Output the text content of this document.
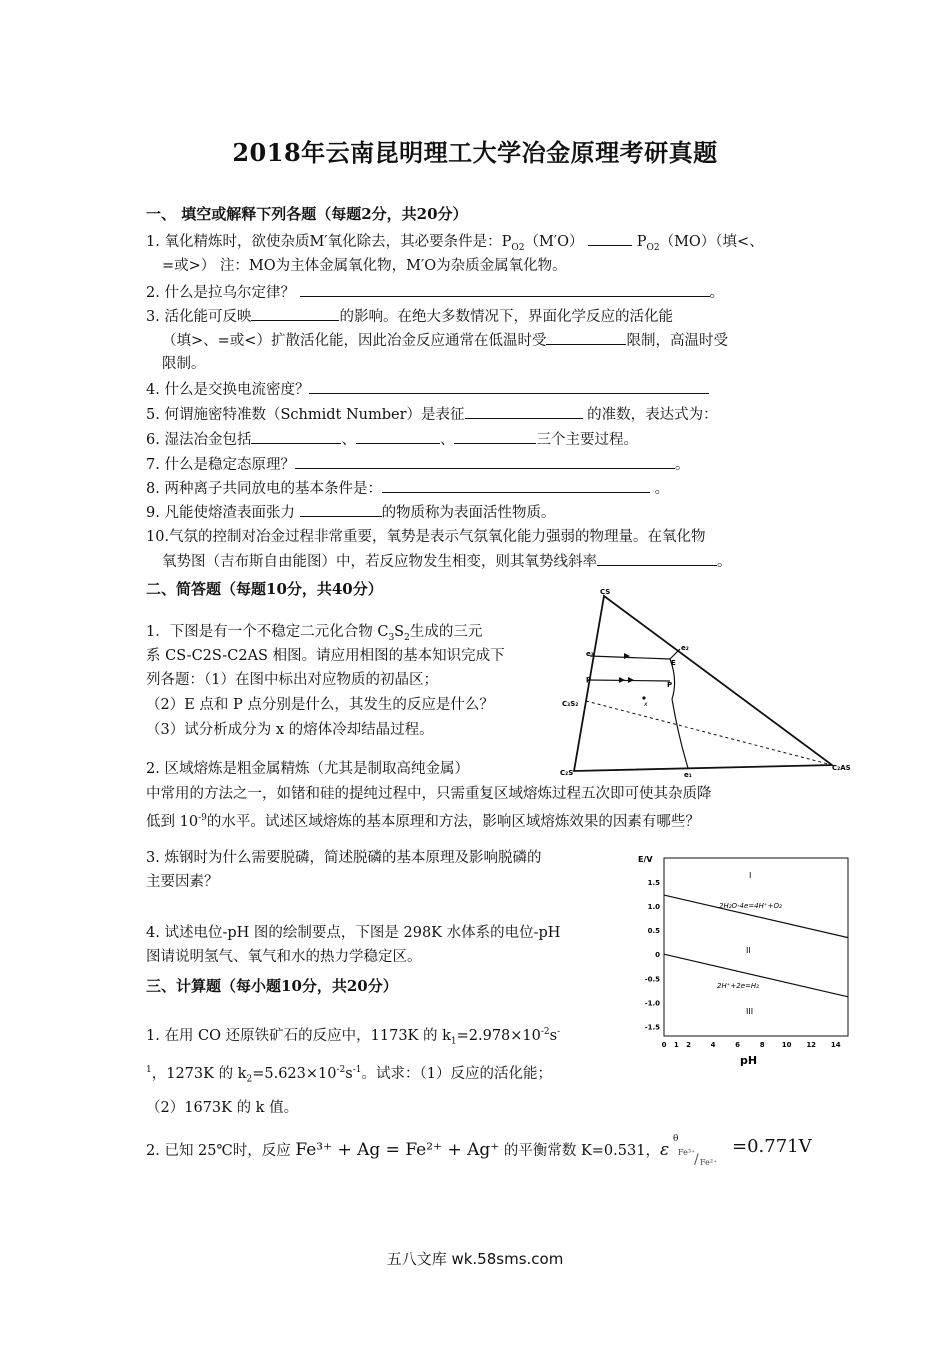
2018年云南昆明理工大学冶金原理考研真题
一、 填空或解释下列各题（每题2分，共20分）
1. 氧化精炼时，欲使杂质M′氧化除去，其必要条件是：$P_{O2}(M'O)$	$P_{O2}(MO)$（填<、
=或>） 注：MO为主体金属氧化物，M′O为杂质金属氧化物。
2. 什么是拉乌尔定律？	。
3. 活化能可反映	的影响。在绝大多数情况下，界面化学反应的活化能
（填>、=或<）扩散活化能，因此冶金反应通常在低温时受	限制，高温时受
限制。
4. 什么是交换电流密度？
5. 何谓施密特准数（Schmidt Number）是表征	的准数，表达式为：
6. 湿法冶金包括	、	、	三个主要过程。
7. 什么是稳定态原理？	。
8. 两种离子共同放电的基本条件是：	。
9. 凡能使熔渣表面张力	的物质称为表面活性物质。
10.气氛的控制对冶金过程非常重要，氧势是表示气氛氧化能力强弱的物理量。在氧化物
氧势图（吉布斯自由能图）中，若反应物发生相变，则其氧势线斜率	。
二、简答题（每题10分，共40分）
1．下图是有一个不稳定二元化合物 $C_3S_2$生成的三元
系 CS-C2S-C2AS 相图。请应用相图的基本知识完成下
列各题：（1）在图中标出对应物质的初晶区；
（2）E 点和 P 点分别是什么，其发生的反应是什么？
（3）试分析成分为 x 的熔体冷却结晶过程。
2. 区域熔炼是粗金属精炼（尤其是制取高纯金属）
中常用的方法之一，如锗和硅的提纯过程中，只需重复区域熔炼过程五次即可使其杂质降
低到 $10^{-9}$的水平。试述区域熔炼的基本原理和方法，影响区域熔炼效果的因素有哪些？
3. 炼钢时为什么需要脱磷，简述脱磷的基本原理及影响脱磷的
主要因素？
4. 试述电位-pH 图的绘制要点，下图是 298K 水体系的电位-pH
图请说明氢气、氧气和水的热力学稳定区。
三、计算题（每小题10分，共20分）
1. 在用 CO 还原铁矿石的反应中，1173K 的 $k_1=2.978\times 10^{-2}s^-$
$^1$，1273K 的 $k_2=5.623\times 10^{-2}s^{-1}$。试求：（1）反应的活化能；
（2）1673K 的 k 值。
2. 已知 25℃时，反应 Fe³⁺ + Ag = Fe²⁺ + Ag⁺ 的平衡常数 K=0.531， ε
θ
Fe³⁺
/ Fe²⁺
=0.771V
CS
C₃S₂
C₂S
C₂AS
e₂
e₃
E
p
P
x
e₁
E/V
pH
1.5
1.0
0.5
0
-0.5
-1.0
-1.5
0 1 2	4	6	8 10 12 14
2H₂O-4e=4H⁺+O₂
2H⁺+2e=H₂
I
II
III
五八文库 wk.58sms.com
